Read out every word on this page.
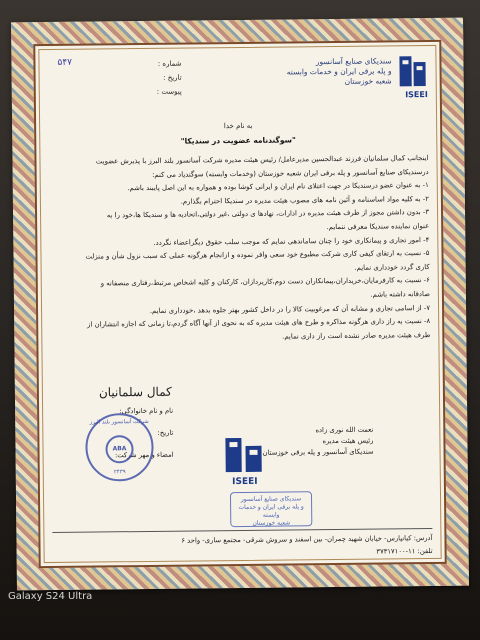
سندیکای صنایع آسانسور
و پله برقی ایران و خدمات وابسته
شعبه خوزستان
ISEEI
شماره :
۵۴۷
تاریخ :
پیوست :
به نام خدا
"سوگندنامه عضویت در سندیکا"

اینجانب کمال سلمانیان فرزند عبدالحسین مدیرعامل/ رئیس هیئت مدیره شرکت آسانسور بلند البرز با پذیرش عضویت

درسندیکای صنایع آسانسور و پله برقی ایران شعبه خوزستان (وخدمات وابسته) سوگندیاد می کنم:

۱- به عنوان عضو درسندیکا در جهت اعتلای نام ایران و ایرانی کوشا بوده و همواره به این اصل پایبند باشم.

۲- به کلیه مواد اساسنامه و آئین نامه های مصوب هیئت مدیره در سندیکا احترام بگذارم.

۳- بدون داشتن مجوز از طرف هیئت مدیره در ادارات، نهادها ی دولتی ،غیر دولتی،اتحادیه ها و سندیکا ها،خود را به

عنوان نماینده سندیکا معرفی ننمایم.

۴- امور تجاری و پیمانکاری خود را چنان ساماندهی نمایم که موجب سلب حقوق دیگراعضاء نگردد.

۵- نسبت به ارتقای کیفی کاری شرکت مطبوع خود سعی وافر نموده و ازانجام هرگونه عملی که سبب نزول شأن و منزلت

کاری گردد خودداری نمایم.

۶- نسبت به کارفرمایان،خریداران،پیمانکاران دست دوم،کاریردازان، کارکنان و کلیه اشخاص مرتبط،رفتاری منصفانه و

صادقانه داشته باشم.

۷- از اسامی تجاری و مشابه آن که مرغوبیت کالا را در داخل کشور بهتر جلوه بدهد ،خودداری نمایم.

۸- نسبت به راز داری هرگونه مذاکره و طرح های هیئت مدیره که به نحوی از آنها آگاه گردم،تا زمانی که اجازه انتشاران از

طرف هیئت مدیره صادر نشده است راز داری نمایم.

کمال سلمانیان
نام و نام خانوادگی:
تاریخ:
امضاء و مهر شرکت:
شرکت آسانسور بلند البرز
ABA
۲۴۳۹
نعمت الله نوری زاده
رئیس هیئت مدیره
سندیکای آسانسور و پله برقی خوزستان
ISEEI
سندیکای صنایع آسانسور
و پله برقی ایران و خدمات وابسته
شعبه خوزستان
آدرس: کیانپارس- خیابان شهید چمران- بین اسفند و سروش شرقی- مجتمع ساری- واحد ۶
تلفن: ۱۱-۳۷۳۱۷۱۰۰
Galaxy S24 Ultra
